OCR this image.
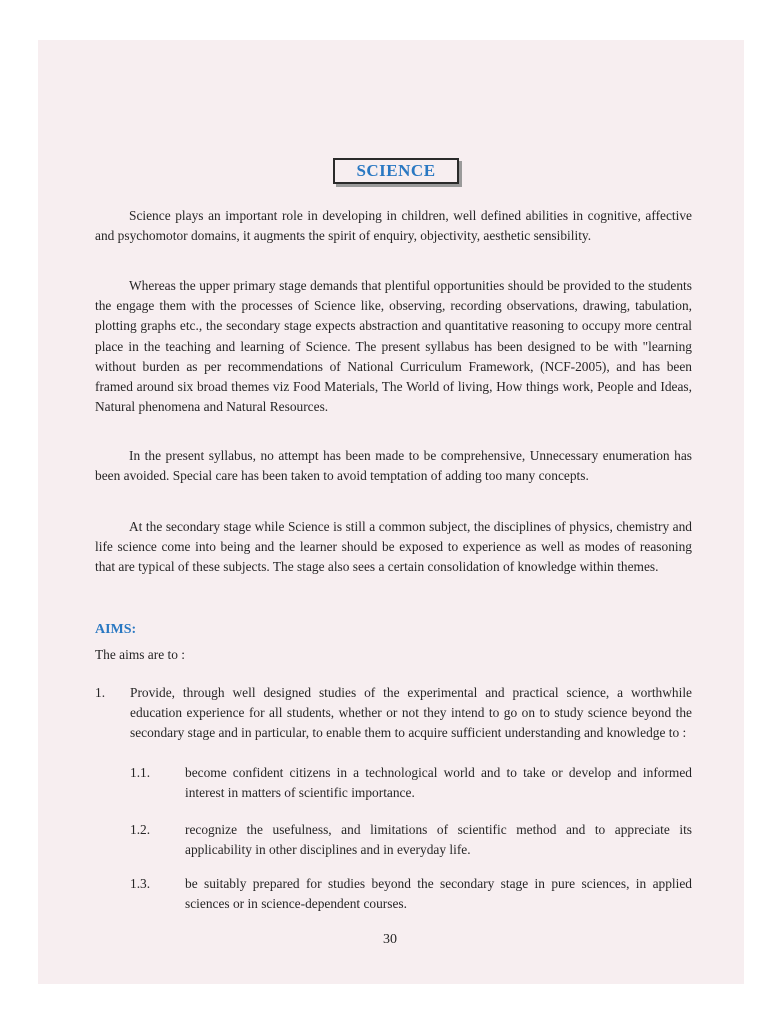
SCIENCE

Science plays an important role in developing in children, well defined abilities in cognitive, affective and psychomotor domains, it augments the spirit of enquiry, objectivity, aesthetic sensibility.

Whereas the upper primary stage demands that plentiful opportunities should be provided to the students the engage them with the processes of Science like, observing, recording observations, drawing, tabulation, plotting graphs etc., the secondary stage expects abstraction and quantitative reasoning to occupy more central place in the teaching and learning of Science. The present syllabus has been designed to be with "learning without burden as per recommendations of National Curriculum Framework, (NCF-2005), and has been framed around six broad themes viz Food Materials, The World of living, How things work, People and Ideas, Natural phenomena and Natural Resources.

In the present syllabus, no attempt has been made to be comprehensive, Unnecessary enumeration has been avoided. Special care has been taken to avoid temptation of adding too many concepts.

At the secondary stage while Science is still a common subject, the disciplines of physics, chemistry and life science come into being and the learner should be exposed to experience as well as modes of reasoning that are typical of these subjects. The stage also sees a certain consolidation of knowledge within themes.

AIMS:
The aims are to :
1. Provide, through well designed studies of the experimental and practical science, a worthwhile education experience for all students, whether or not they intend to go on to study science beyond the secondary stage and in particular, to enable them to acquire sufficient understanding and knowledge to :
1.1.	become confident citizens in a technological world and to take or develop and informed interest in matters of scientific importance.
1.2.	recognize the usefulness, and limitations of scientific method and to appreciate its applicability in other disciplines and in everyday life.
1.3.	be suitably prepared for studies beyond the secondary stage in pure sciences, in applied sciences or in science-dependent courses.
30
